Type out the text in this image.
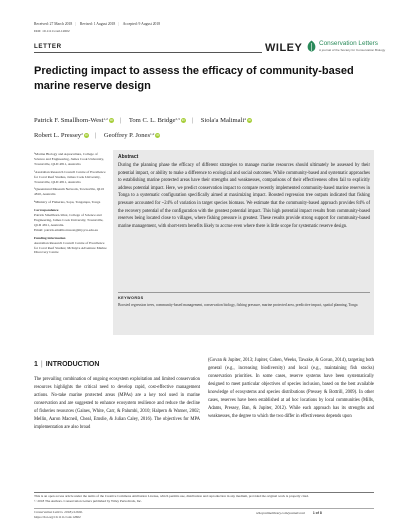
Received: 27 March 2018 | Revised: 1 August 2018 | Accepted: 9 August 2018
DOI: 10.1111/conl.12602
LETTER	WILEY	Conservation Letters
A journal of the Society for Conservation Biology
Predicting impact to assess the efficacy of community-based marine reserve design
Patrick F. Smallhorn-West$^{1,2}$ iD | Tom C. L. Bridge$^{2,3}$ iD | Siola'a Malimali$^4$ iD
Robert L. Pressey$^2$ iD | Geoffrey P. Jones$^{1,2}$ iD

¹Marine Biology and Aquaculture, College of Science and Engineering, James Cook University, Townsville, QLD 4811, Australia

²Australian Research Council Centre of Excellence for Coral Reef Studies, James Cook University, Townsville, QLD 4811, Australia

³Queensland Museum Network, Townsville, QLD 4810, Australia

⁴Ministry of Fisheries, Sopu, Tongatapu, Tonga

Correspondence

Patrick Smallhorn-West, College of Science and Engineering, James Cook University, Townsville, QLD 4811, Australia.

Email: patrick.smallhornwest@my.jcu.edu.au

Funding information

Australian Research Council Centre of Excellence for Coral Reef Studies; McIntyre Adventure Marine Discovery Centre

Abstract
During the planning phase the efficacy of different strategies to manage marine resources should ultimately be assessed by their potential impact, or ability to make a difference to ecological and social outcomes. While community-based and systematic approaches to establishing marine protected areas have their strengths and weaknesses, comparisons of their effectiveness often fail to explicitly address potential impact. Here, we predict conservation impact to compare recently implemented community-based marine reserves in Tonga to a systematic configuration specifically aimed at maximizing impact. Boosted regression tree outputs indicated that fishing pressure accounted for ~24% of variation in target species biomass. We estimate that the community-based approach provides 84% of the recovery potential of the configuration with the greatest potential impact. This high potential impact results from community-based reserves being located close to villages, where fishing pressure is greatest. These results provide strong support for community-based marine management, with short-term benefits likely to accrue even where there is little scope for systematic reserve design.
KEYWORDS
Boosted regression trees, community-based management, conservation biology, fishing pressure, marine protected area, predictive impact, spatial planning, Tonga
1 | INTRODUCTION
The prevailing combination of ongoing ecosystem exploitation and limited conservation resources highlights the critical need to develop rapid, cost-effective management actions. No-take marine protected areas (MPAs) are a key tool used in marine conservation and are suggested to enhance ecosystem resilience and reduce the decline of fisheries resources (Gaines, White, Carr, & Palumbi, 2010; Halpern & Warner, 2002; Mellin, Aaron Macneil, Cheal, Emslie, & Julian Caley, 2016). The objectives for MPA implementation are also broad
(Govan & Jupiter, 2013; Jupiter, Cohen, Weeks, Tawake, & Govan, 2014), targeting both general (e.g., increasing biodiversity) and local (e.g., maintaining fish stocks) conservation priorities. In some cases, reserve systems have been systematically designed to meet particular objectives of species inclusion, based on the best available knowledge of ecosystems and species distributions (Pressey & Bottrill, 2009). In other cases, reserves have been established at ad hoc locations by local communities (Mills, Adams, Pressey, Ban, & Jupiter, 2012). While each approach has its strengths and weaknesses, the degree to which the two differ in effectiveness depends upon
This is an open access article under the terms of the Creative Commons Attribution License, which permits use, distribution and reproduction in any medium, provided the original work is properly cited.
© 2018 The Authors. Conservation Letters published by Wiley Periodicals, Inc.
Conservation Letters. 2018;e12602.
https://doi.org/10.1111/conl.12602
wileyonlinelibrary.com/journal/conl 1 of 8
